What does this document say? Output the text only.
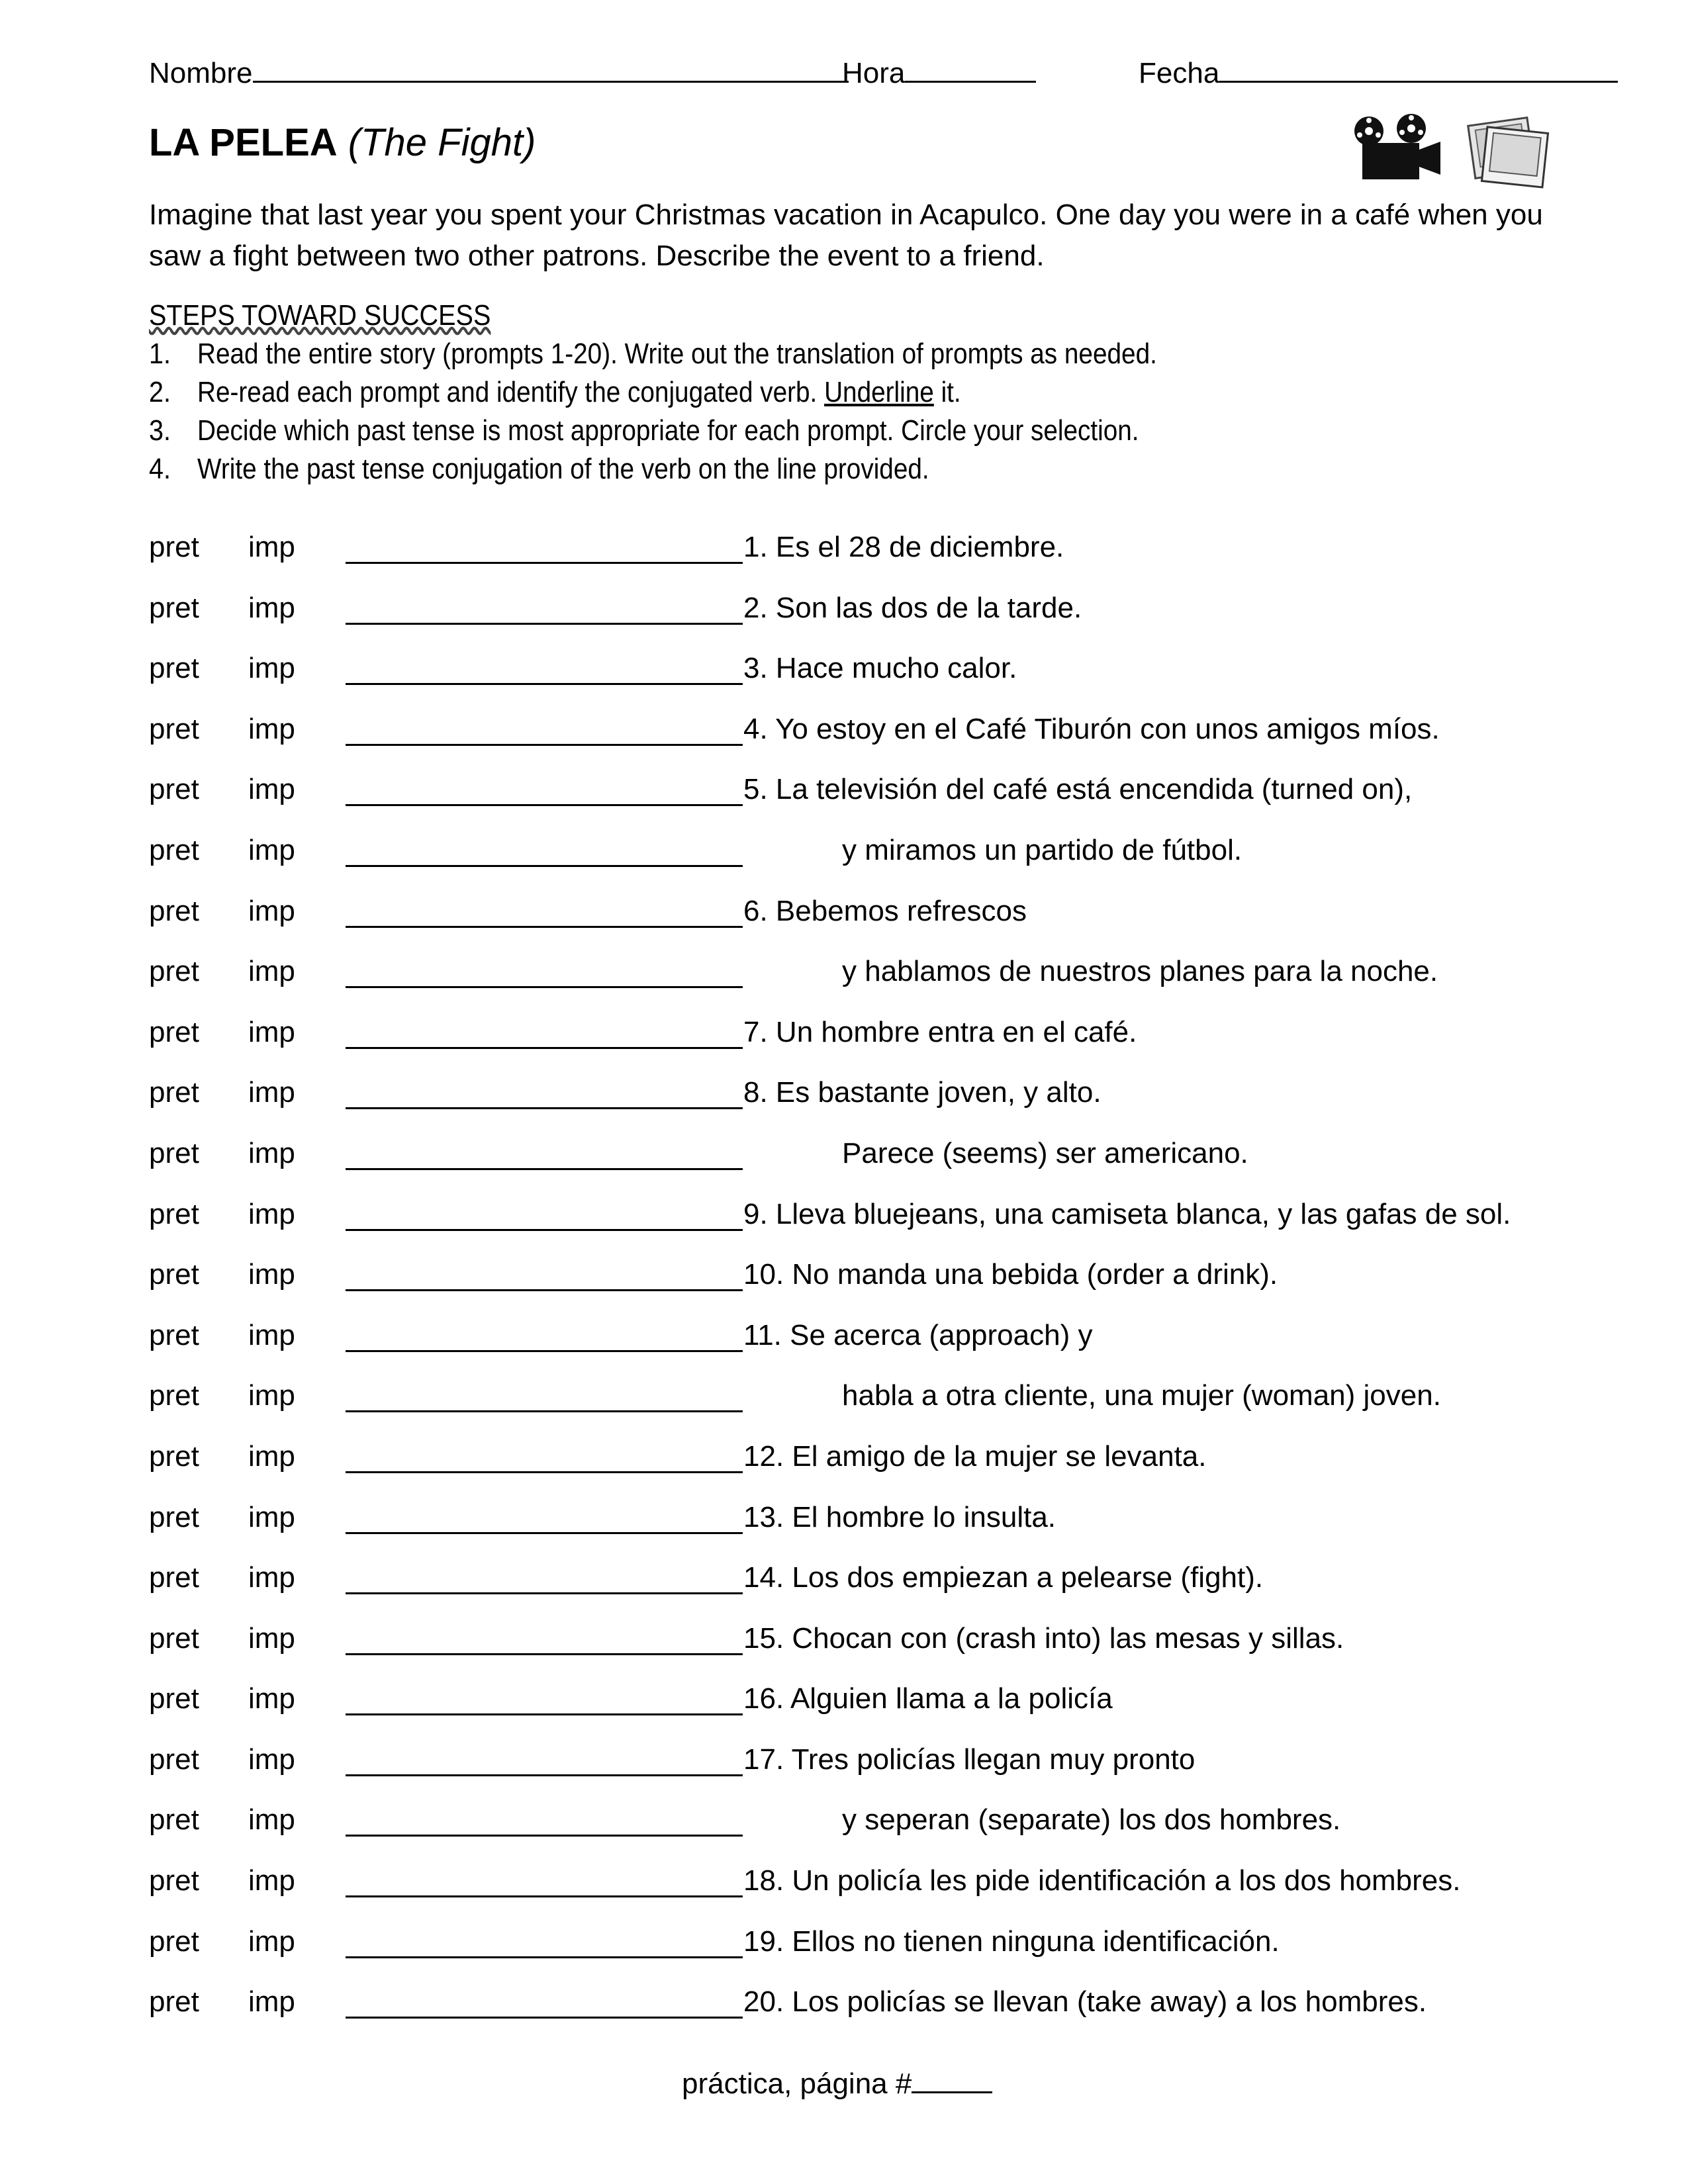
Nombre	Hora	Fecha
LA PELEA (The Fight)
Imagine that last year you spent your Christmas vacation in Acapulco. One day you were in a café when you saw a fight between two other patrons. Describe the event to a friend.
STEPS TOWARD SUCCESS
1. Read the entire story (prompts 1-20). Write out the translation of prompts as needed.
2. Re-read each prompt and identify the conjugated verb. Underline it.
3. Decide which past tense is most appropriate for each prompt. Circle your selection.
4. Write the past tense conjugation of the verb on the line provided.
pret imp	1. Es el 28 de diciembre.
pret imp	2. Son las dos de la tarde.
pret imp	3. Hace mucho calor.
pret imp	4. Yo estoy en el Café Tiburón con unos amigos míos.
pret imp	5. La televisión del café está encendida (turned on),
pret imp	y miramos un partido de fútbol.
pret imp	6. Bebemos refrescos
pret imp	y hablamos de nuestros planes para la noche.
pret imp	7. Un hombre entra en el café.
pret imp	8. Es bastante joven, y alto.
pret imp	Parece (seems) ser americano.
pret imp	9. Lleva bluejeans, una camiseta blanca, y las gafas de sol.
pret imp	10. No manda una bebida (order a drink).
pret imp	11. Se acerca (approach) y
pret imp	habla a otra cliente, una mujer (woman) joven.
pret imp	12. El amigo de la mujer se levanta.
pret imp	13. El hombre lo insulta.
pret imp	14. Los dos empiezan a pelearse (fight).
pret imp	15. Chocan con (crash into) las mesas y sillas.
pret imp	16. Alguien llama a la policía
pret imp	17. Tres policías llegan muy pronto
pret imp	y seperan (separate) los dos hombres.
pret imp	18. Un policía les pide identificación a los dos hombres.
pret imp	19. Ellos no tienen ninguna identificación.
pret imp	20. Los policías se llevan (take away) a los hombres.
práctica, página #
